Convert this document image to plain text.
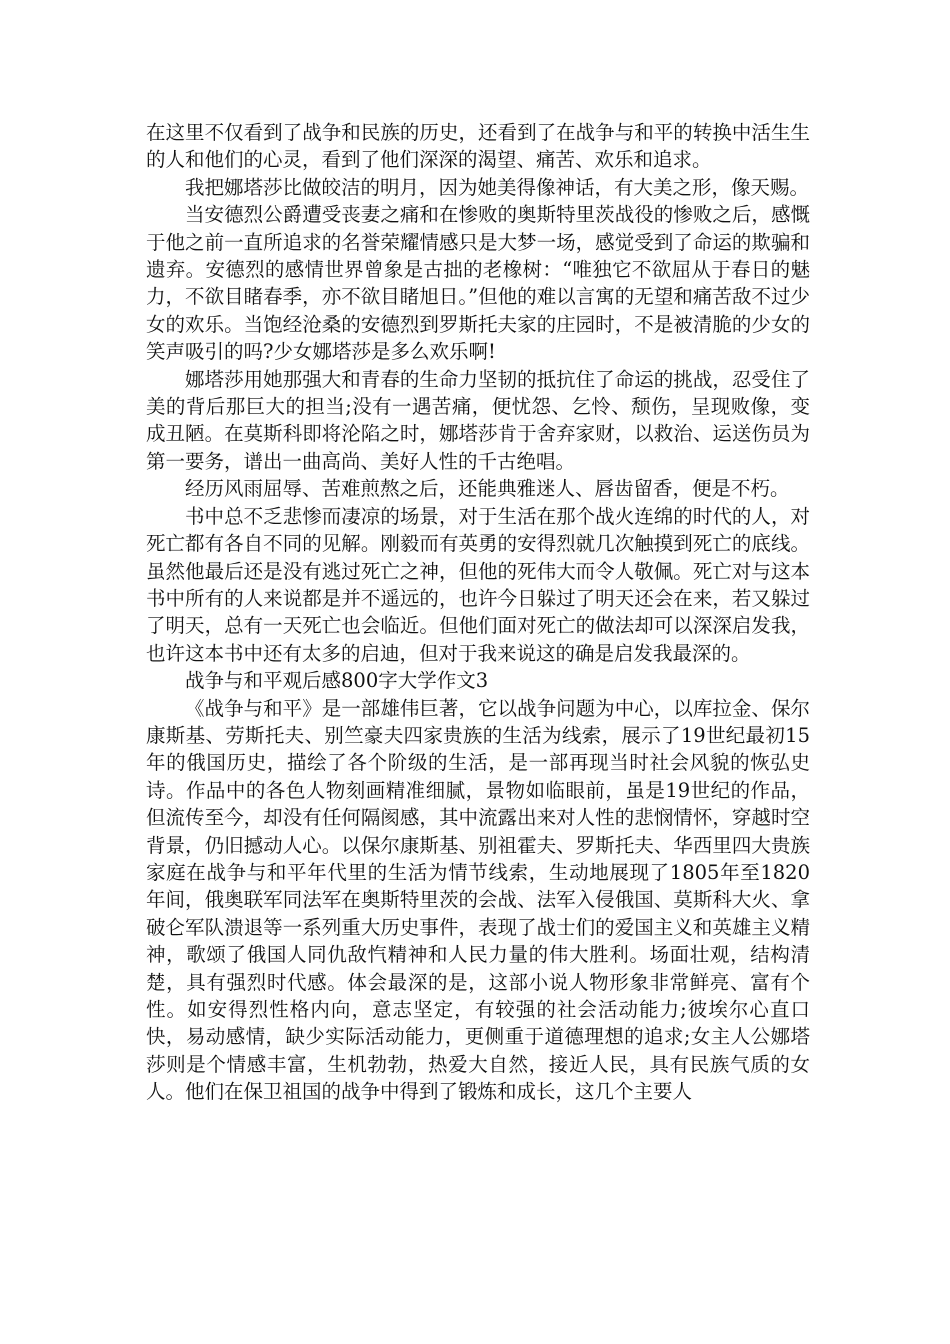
在这里不仅看到了战争和民族的历史，还看到了在战争与和平的转换中活生生的人和他们的心灵，看到了他们深深的渴望、痛苦、欢乐和追求。

我把娜塔莎比做皎洁的明月，因为她美得像神话，有大美之形，像天赐。

当安德烈公爵遭受丧妻之痛和在惨败的奥斯特里茨战役的惨败之后，感慨于他之前一直所追求的名誉荣耀情感只是大梦一场，感觉受到了命运的欺骗和遗弃。安德烈的感情世界曾象是古拙的老橡树：“唯独它不欲屈从于春日的魅力，不欲目睹春季，亦不欲目睹旭日。”但他的难以言寓的无望和痛苦敌不过少女的欢乐。当饱经沧桑的安德烈到罗斯托夫家的庄园时，不是被清脆的少女的笑声吸引的吗?少女娜塔莎是多么欢乐啊!

娜塔莎用她那强大和青春的生命力坚韧的抵抗住了命运的挑战，忍受住了美的背后那巨大的担当;没有一遇苦痛，便忧怨、乞怜、颓伤，呈现败像，变成丑陋。在莫斯科即将沦陷之时，娜塔莎肯于舍弃家财，以救治、运送伤员为第一要务，谱出一曲高尚、美好人性的千古绝唱。

经历风雨屈辱、苦难煎熬之后，还能典雅迷人、唇齿留香，便是不朽。

书中总不乏悲惨而凄凉的场景，对于生活在那个战火连绵的时代的人，对死亡都有各自不同的见解。刚毅而有英勇的安得烈就几次触摸到死亡的底线。虽然他最后还是没有逃过死亡之神，但他的死伟大而令人敬佩。死亡对与这本书中所有的人来说都是并不遥远的，也许今日躲过了明天还会在来，若又躲过了明天，总有一天死亡也会临近。但他们面对死亡的做法却可以深深启发我，也许这本书中还有太多的启迪，但对于我来说这的确是启发我最深的。

战争与和平观后感800字大学作文3

《战争与和平》是一部雄伟巨著，它以战争问题为中心，以库拉金、保尔康斯基、劳斯托夫、别竺豪夫四家贵族的生活为线索，展示了19世纪最初15年的俄国历史，描绘了各个阶级的生活，是一部再现当时社会风貌的恢弘史诗。作品中的各色人物刻画精准细腻，景物如临眼前，虽是19世纪的作品，但流传至今，却没有任何隔阂感，其中流露出来对人性的悲悯情怀，穿越时空背景，仍旧撼动人心。以保尔康斯基、别祖霍夫、罗斯托夫、华西里四大贵族家庭在战争与和平年代里的生活为情节线索，生动地展现了1805年至1820年间，俄奥联军同法军在奥斯特里茨的会战、法军入侵俄国、莫斯科大火、拿破仑军队溃退等一系列重大历史事件，表现了战士们的爱国主义和英雄主义精神，歌颂了俄国人同仇敌忾精神和人民力量的伟大胜利。场面壮观，结构清楚，具有强烈时代感。体会最深的是，这部小说人物形象非常鲜亮、富有个性。如安得烈性格内向，意志坚定，有较强的社会活动能力;彼埃尔心直口快，易动感情，缺少实际活动能力，更侧重于道德理想的追求;女主人公娜塔莎则是个情感丰富，生机勃勃，热爱大自然，接近人民，具有民族气质的女人。他们在保卫祖国的战争中得到了锻炼和成长，这几个主要人
